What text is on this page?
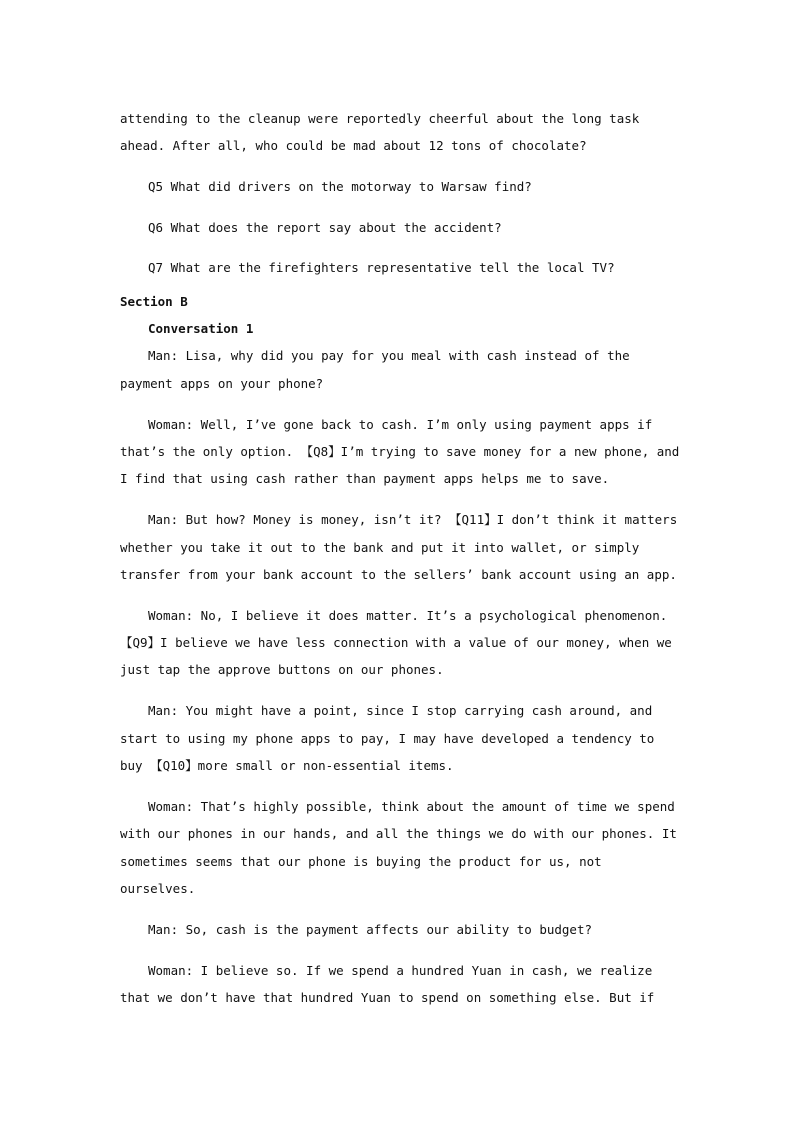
attending to the cleanup were reportedly cheerful about the long task ahead. After all, who could be mad about 12 tons of chocolate?

Q5 What did drivers on the motorway to Warsaw find?

Q6 What does the report say about the accident?

Q7 What are the firefighters representative tell the local TV?

Section B

Conversation 1

Man: Lisa, why did you pay for you meal with cash instead of the payment apps on your phone?

Woman: Well, I’ve gone back to cash. I’m only using payment apps if that’s the only option. 【Q8】I’m trying to save money for a new phone, and I find that using cash rather than payment apps helps me to save.

Man: But how? Money is money, isn’t it? 【Q11】I don’t think it matters whether you take it out to the bank and put it into wallet, or simply transfer from your bank account to the sellers’ bank account using an app.

Woman: No, I believe it does matter. It’s a psychological phenomenon. 【Q9】I believe we have less connection with a value of our money, when we just tap the approve buttons on our phones.

Man: You might have a point, since I stop carrying cash around, and start to using my phone apps to pay, I may have developed a tendency to buy 【Q10】more small or non-essential items.

Woman: That’s highly possible, think about the amount of time we spend with our phones in our hands, and all the things we do with our phones. It sometimes seems that our phone is buying the product for us, not ourselves.

Man: So, cash is the payment affects our ability to budget?

Woman: I believe so. If we spend a hundred Yuan in cash, we realize that we don’t have that hundred Yuan to spend on something else. But if
